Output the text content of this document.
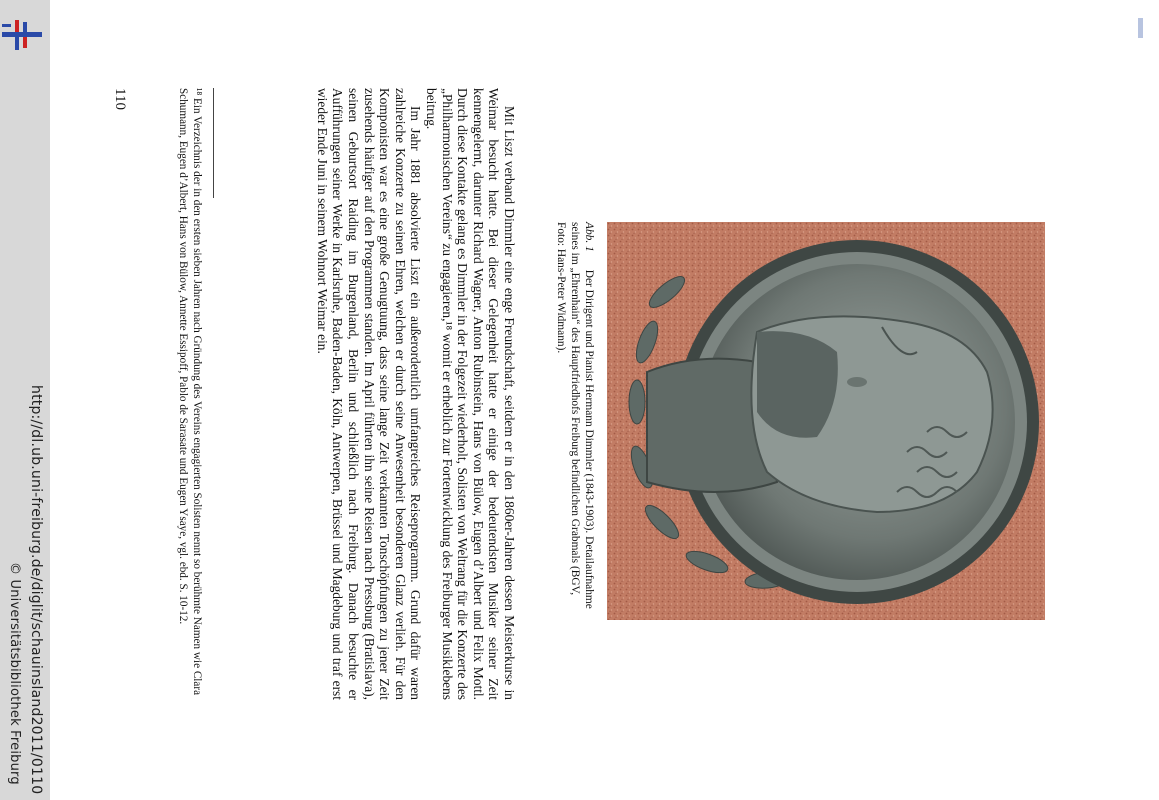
http://dl.ub.uni-freiburg.de/diglit/schauinsland2011/0110
© Universitätsbibliothek Freiburg
110	¹⁸ Ein Verzeichnis der in den ersten sieben Jahren nach Gründung des Vereins engagierten Solisten nennt so berühmte Namen wie Clara Schumann, Eugen d’Albert, Hans von Bülow, Annette Essipoff, Pablo de Sarasate und Eugen Ysaye, vgl. ebd. S. 10-12.	Mit Liszt verband Dimmler eine enge Freundschaft, seitdem er in den 1860er-Jahren dessen Meisterkurse in Weimar besucht hatte. Bei dieser Gelegenheit hatte er einige der bedeutendsten Musiker seiner Zeit kennengelernt, darunter Richard Wagner, Anton Rubinstein, Hans von Bülow, Eugen d’Albert und Felix Mottl. Durch diese Kontakte gelang es Dimmler in der Folgezeit wiederholt, Solisten von Weltrang für die Konzerte des „Philharmonischen Vereins“ zu engagieren,¹⁸ womit er erheblich zur Fortentwicklung des Freiburger Musiklebens beitrug.

Im Jahr 1881 absolvierte Liszt ein außerordentlich umfangreiches Reiseprogramm. Grund dafür waren zahlreiche Konzerte zu seinen Ehren, welchen er durch seine Anwesenheit besonderen Glanz verlieh. Für den Komponisten war es eine große Genugtuung, dass seine lange Zeit verkannten Tonschöpfungen zu jener Zeit zusehends häufiger auf den Programmen standen. Im April führten ihn seine Reisen nach Pressburg (Bratislava), seinen Geburtsort Raiding im Burgenland, Berlin und schließlich nach Freiburg. Danach besuchte er Aufführungen seiner Werke in Karlsruhe, Baden-Baden, Köln, Antwerpen, Brüssel und Magdeburg und traf erst wieder Ende Juni in seinem Wohnort Weimar ein.	Abb. 1Der Dirigent und Pianist Hermann Dimmler (1843-1903). Detailaufnahme seines im „Ehrenhain“ des Hauptfriedhofs Freiburg befindlichen Grabmals (BGV, Foto: Hans-Peter Widmann).
